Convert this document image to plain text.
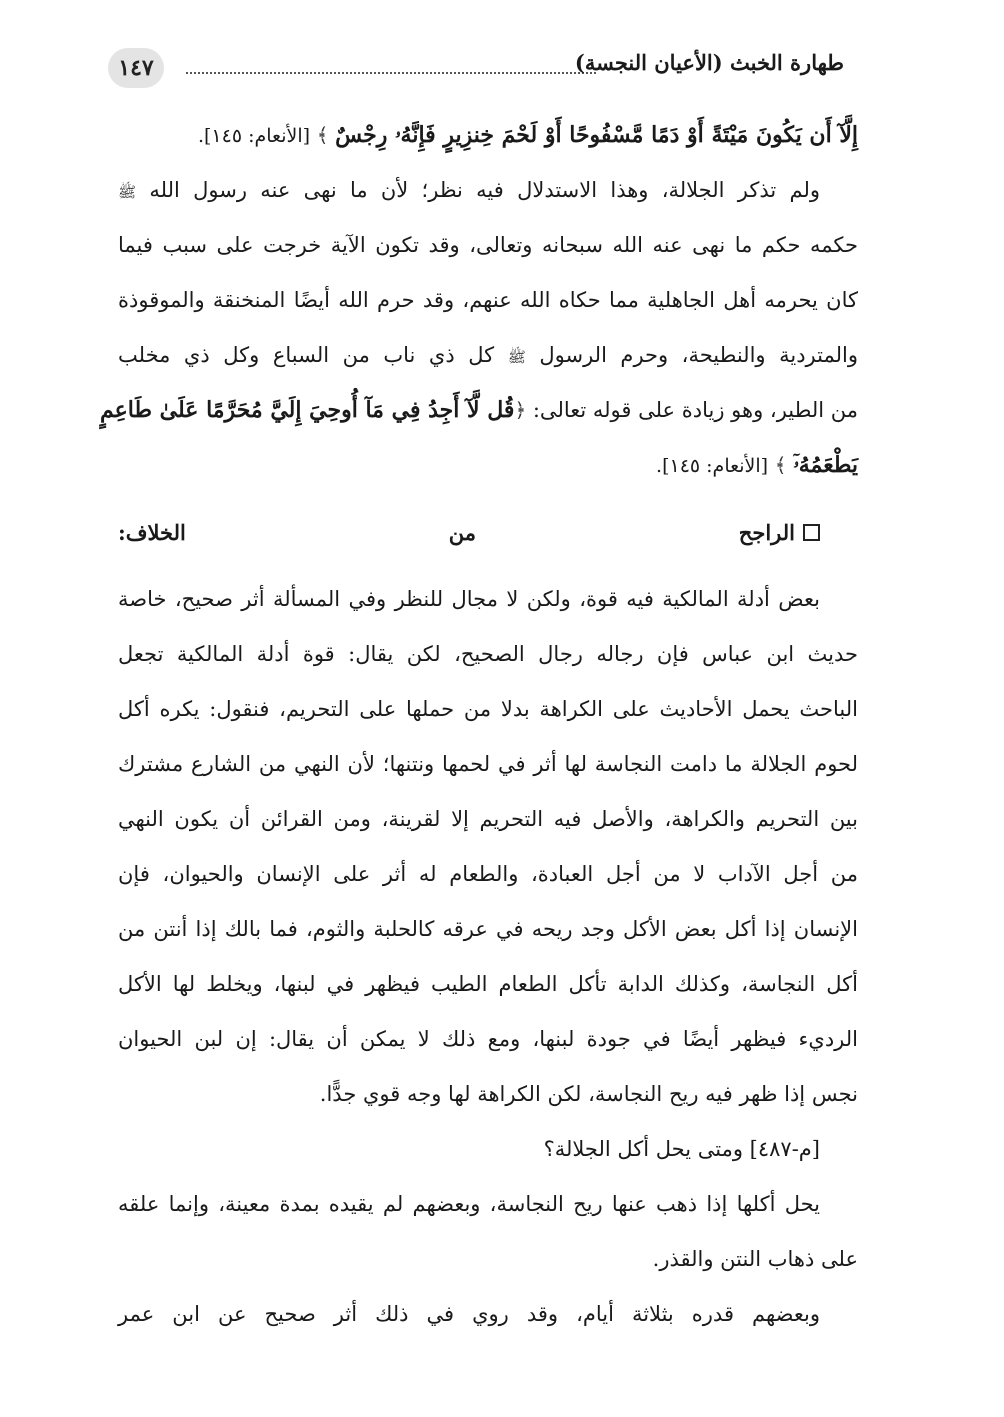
١٤٧	طهارة الخبث (الأعيان النجسة)
إِلَّآ أَن يَكُونَ مَيْتَةً أَوْ دَمًا مَّسْفُوحًا أَوْ لَحْمَ خِنزِيرٍ فَإِنَّهُۥ رِجْسٌ ﴾ [الأنعام: ١٤٥].
ولم تذكر الجلالة، وهذا الاستدلال فيه نظر؛ لأن ما نهى عنه رسول الله ﷺ
حكمه حكم ما نهى عنه الله سبحانه وتعالى، وقد تكون الآية خرجت على سبب فيما
كان يحرمه أهل الجاهلية مما حكاه الله عنهم، وقد حرم الله أيضًا المنخنقة والموقوذة
والمتردية والنطيحة، وحرم الرسول ﷺ كل ذي ناب من السباع وكل ذي مخلب
من الطير، وهو زيادة على قوله تعالى: ﴿قُل لَّآ أَجِدُ فِي مَآ أُوحِيَ إِلَيَّ مُحَرَّمًا عَلَىٰ طَاعِمٍ
يَطْعَمُهُۥٓ ﴾ [الأنعام: ١٤٥].
الراجح من الخلاف:
بعض أدلة المالكية فيه قوة، ولكن لا مجال للنظر وفي المسألة أثر صحيح، خاصة
حديث ابن عباس فإن رجاله رجال الصحيح، لكن يقال: قوة أدلة المالكية تجعل
الباحث يحمل الأحاديث على الكراهة بدلا من حملها على التحريم، فنقول: يكره أكل
لحوم الجلالة ما دامت النجاسة لها أثر في لحمها ونتنها؛ لأن النهي من الشارع مشترك
بين التحريم والكراهة، والأصل فيه التحريم إلا لقرينة، ومن القرائن أن يكون النهي
من أجل الآداب لا من أجل العبادة، والطعام له أثر على الإنسان والحيوان، فإن
الإنسان إذا أكل بعض الأكل وجد ريحه في عرقه كالحلبة والثوم، فما بالك إذا أنتن من
أكل النجاسة، وكذلك الدابة تأكل الطعام الطيب فيظهر في لبنها، ويخلط لها الأكل
الرديء فيظهر أيضًا في جودة لبنها، ومع ذلك لا يمكن أن يقال: إن لبن الحيوان
نجس إذا ظهر فيه ريح النجاسة، لكن الكراهة لها وجه قوي جدًّا.
[م-٤٨٧] ومتى يحل أكل الجلالة؟
يحل أكلها إذا ذهب عنها ريح النجاسة، وبعضهم لم يقيده بمدة معينة، وإنما علقه
على ذهاب النتن والقذر.
وبعضهم قدره بثلاثة أيام، وقد روي في ذلك أثر صحيح عن ابن عمر
